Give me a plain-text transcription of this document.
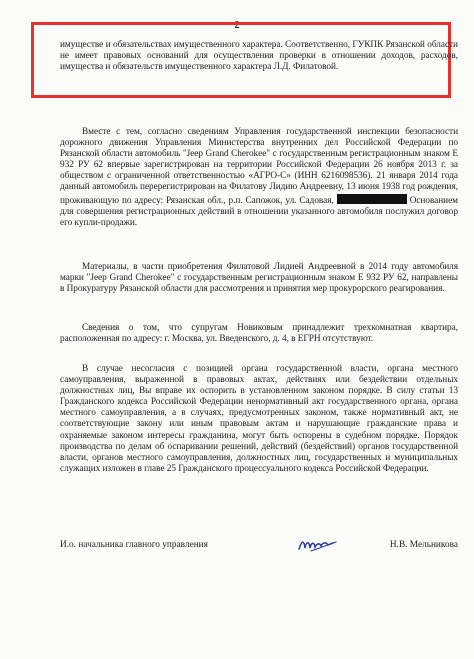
2
имуществе и обязательствах имущественного характера. Соответственно, ГУКПК Рязанской области не имеет правовых оснований для осуществления проверки в отношении доходов, расходов, имущества и обязательств имущественного характера Л.Д. Филатовой.
Вместе с тем, согласно сведениям Управления государственной инспекции безопасности дорожного движения Управления Министерства внутренних дел Российской Федерации по Рязанской области автомобиль "Jeep Grand Cherokee" с государственным регистрационным знаком Е 932 РУ 62 впервые зарегистрирован на территории Российской Федерации 26 ноября 2013 г. за обществом с ограниченной ответственностью «АГРО-С» (ИНН 6216098536). 21 января 2014 года данный автомобиль перерегистрирован на Филатову Лидию Андреевну, 13 июня 1938 год рождения, проживающую по адресу: Рязанская обл., р.п. Сапожок, ул. Садовая,	Основанием для совершения регистрационных действий в отношении указанного автомобиля послужил договор его купли-продажи.
Материалы, в части приобретения Филатовой Лидией Андреевной в 2014 году автомобиля марки "Jeep Grand Cherokee" с государственным регистрационным знаком Е 932 РУ 62, направлены в Прокуратуру Рязанской области для рассмотрения и принятия мер прокурорского реагирования.
Сведения о том, что супругам Новиковым принадлежит трехкомнатная квартира, расположенная по адресу: г. Москва, ул. Введенского, д. 4, в ЕГРН отсутствуют.
В случае несогласия с позицией органа государственной власти, органа местного самоуправления, выраженной в правовых актах, действиях или бездействии отдельных должностных лиц, Вы вправе их оспорить в установленном законом порядке. В силу статьи 13 Гражданского кодекса Российской Федерации ненормативный акт государственного органа, органа местного самоуправления, а в случаях, предусмотренных законом, также нормативный акт, не соответствующие закону или иным правовым актам и нарушающие гражданские права и охраняемые законом интересы гражданина, могут быть оспорены в судебном порядке. Порядок производства по делам об оспаривании решений, действий (бездействий) органов государственной власти, органов местного самоуправления, должностных лиц, государственных и муниципальных служащих изложен в главе 25 Гражданского процессуального кодекса Российской Федерации.
И.о. начальника главного управления	Н.В. Мельникова
